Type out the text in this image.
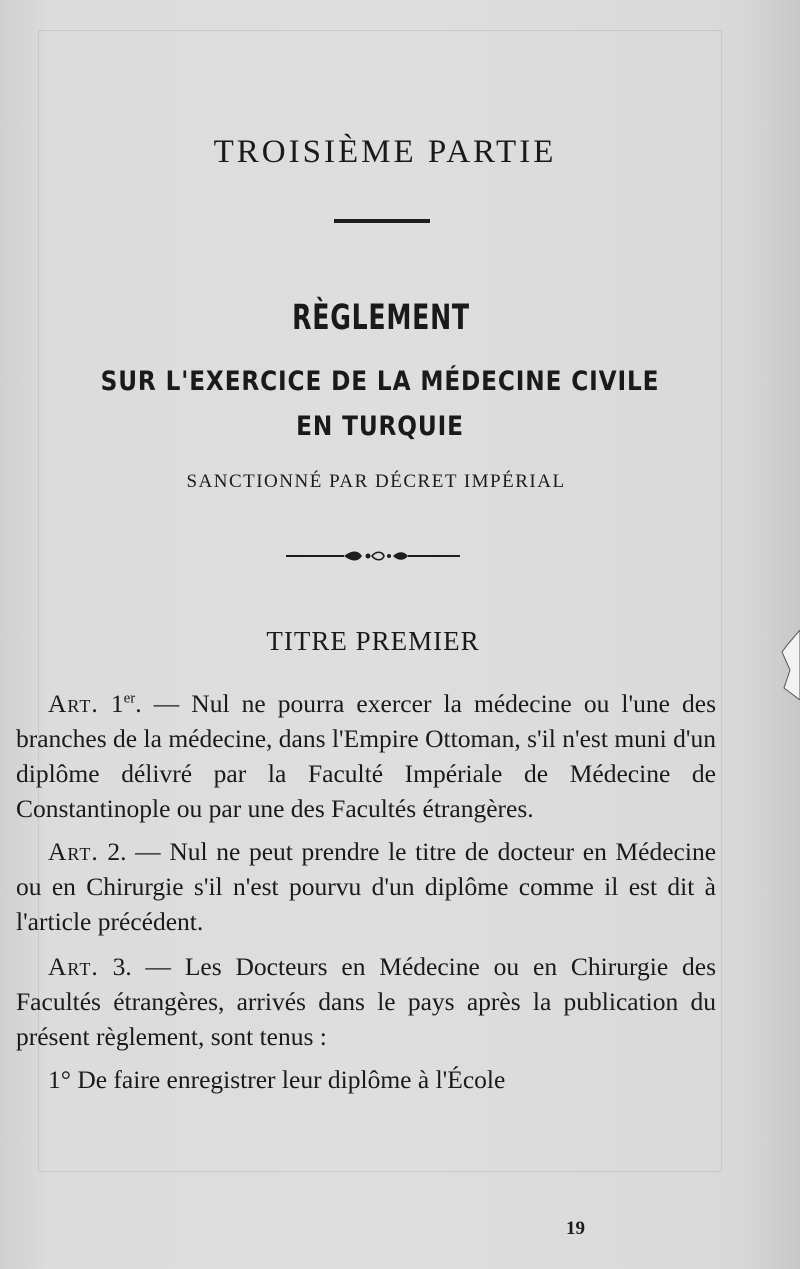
TROISIÈME PARTIE
RÈGLEMENT
SUR L'EXERCICE DE LA MÉDECINE CIVILE
EN TURQUIE
SANCTIONNÉ PAR DÉCRET IMPÉRIAL
TITRE PREMIER

Art. 1er. — Nul ne pourra exercer la médecine ou l'une des branches de la médecine, dans l'Empire Ottoman, s'il n'est muni d'un diplôme délivré par la Faculté Impériale de Médecine de Constantinople ou par une des Facultés étrangères.

Art. 2. — Nul ne peut prendre le titre de docteur en Médecine ou en Chirurgie s'il n'est pourvu d'un diplôme comme il est dit à l'article précédent.

Art. 3. — Les Docteurs en Médecine ou en Chirurgie des Facultés étrangères, arrivés dans le pays après la publication du présent règlement, sont tenus :

1° De faire enregistrer leur diplôme à l'École

19
